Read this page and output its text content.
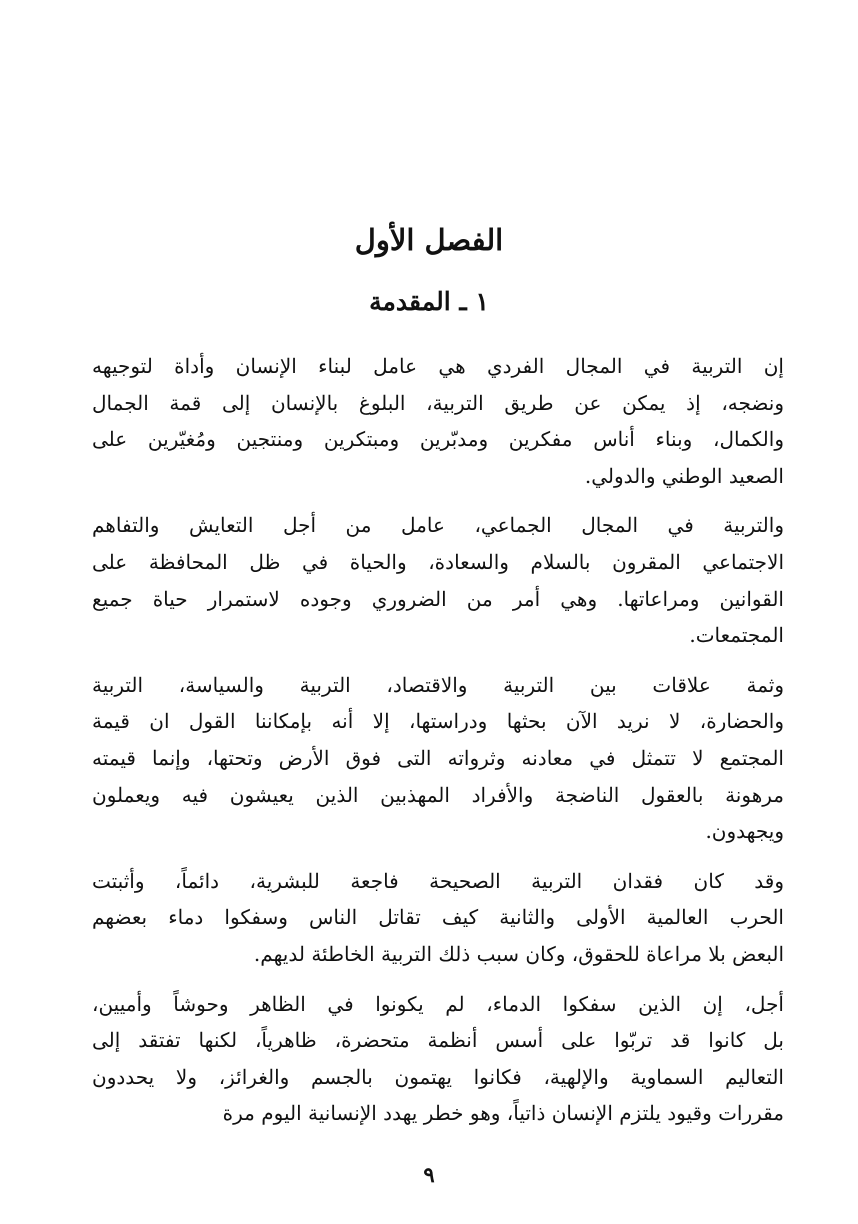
الفصل الأول
١ ـ المقدمة

إن التربية في المجال الفردي هي عامل لبناء الإنسان وأداة لتوجيهه
ونضجه، إذ يمكن عن طريق التربية، البلوغ بالإنسان إلى قمة الجمال
والكمال، وبناء أناس مفكرين ومدبّرين ومبتكرين ومنتجين ومُغيّرين على
الصعيد الوطني والدولي.

والتربية في المجال الجماعي، عامل من أجل التعايش والتفاهم
الاجتماعي المقرون بالسلام والسعادة، والحياة في ظل المحافظة على
القوانين ومراعاتها. وهي أمر من الضروري وجوده لاستمرار حياة جميع
المجتمعات.

وثمة علاقات بين التربية والاقتصاد، التربية والسياسة، التربية
والحضارة، لا نريد الآن بحثها ودراستها، إلا أنه بإمكاننا القول ان قيمة
المجتمع لا تتمثل في معادنه وثرواته التى فوق الأرض وتحتها، وإنما قيمته
مرهونة بالعقول الناضجة والأفراد المهذبين الذين يعيشون فيه ويعملون
ويجهدون.

وقد كان فقدان التربية الصحيحة فاجعة للبشرية، دائماً، وأثبتت
الحرب العالمية الأولى والثانية كيف تقاتل الناس وسفكوا دماء بعضهم
البعض بلا مراعاة للحقوق، وكان سبب ذلك التربية الخاطئة لديهم.

أجل، إن الذين سفكوا الدماء، لم يكونوا في الظاهر وحوشاً وأميين،
بل كانوا قد تربّوا على أسس أنظمة متحضرة، ظاهرياً، لكنها تفتقد إلى
التعاليم السماوية والإلهية، فكانوا يهتمون بالجسم والغرائز، ولا يحددون
مقررات وقيود يلتزم الإنسان ذاتياً، وهو خطر يهدد الإنسانية اليوم مرة

٩
